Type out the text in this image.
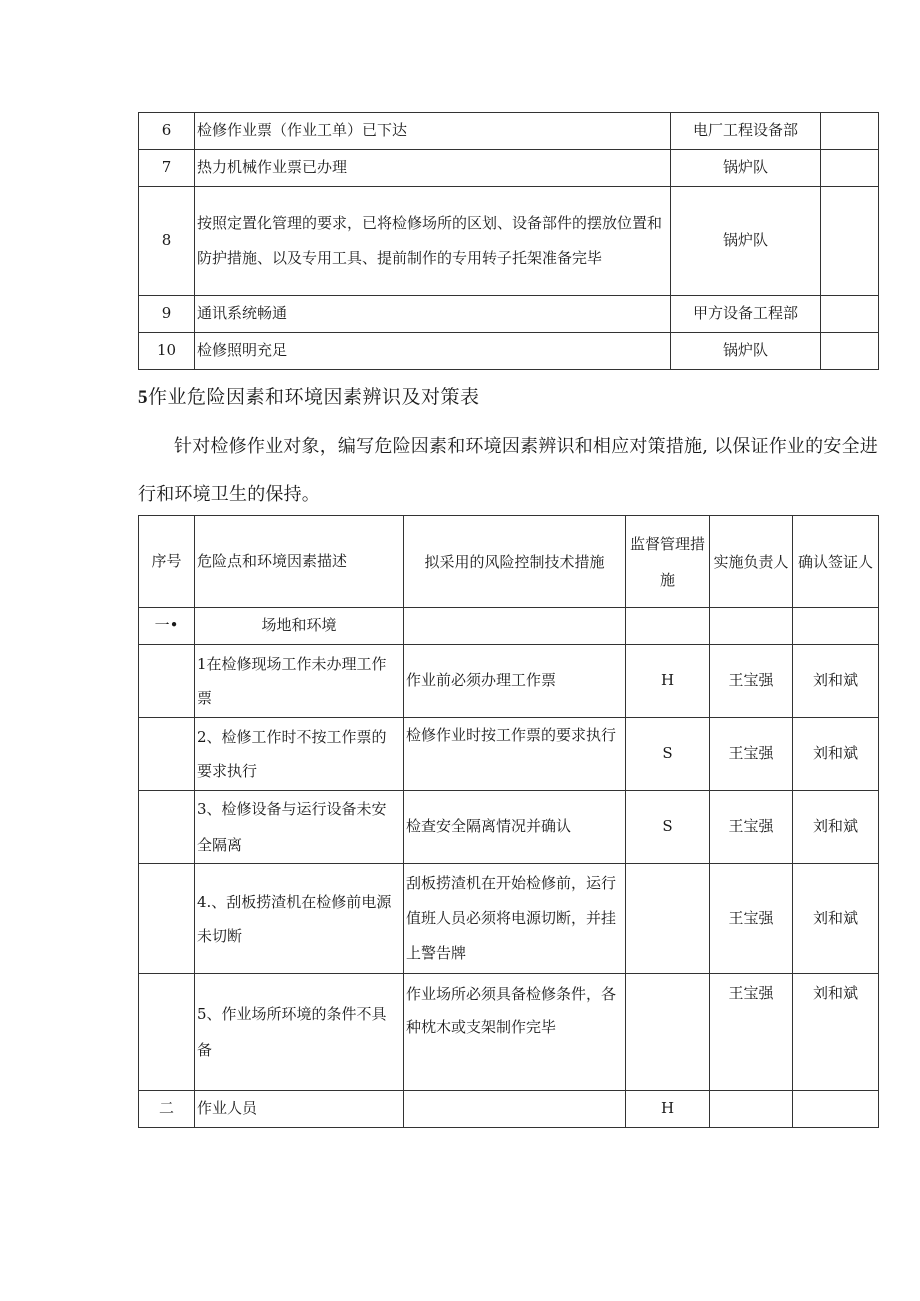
6	检修作业票（作业工单）已下达	电厂工程设备部	
7	热力机械作业票已办理	锅炉队	
8	按照定置化管理的要求，已将检修场所的区划、设备部件的摆放位置和防护措施、以及专用工具、提前制作的专用转子托架准备完毕	锅炉队	
9	通讯系统畅通	甲方设备工程部	
10	检修照明充足	锅炉队	
5作业危险因素和环境因素辨识及对策表
针对检修作业对象，编写危险因素和环境因素辨识和相应对策措施, 以保证作业的安全进行和环境卫生的保持。
序号	危险点和环境因素描述	拟采用的风险控制技术措施	监督管理措施	实施负责人	确认签证人
一•	场地和环境				
	1在检修现场工作未办理工作票	作业前必须办理工作票	H	王宝强	刘和斌
	2、检修工作时不按工作票的要求执行	检修作业时按工作票的要求执行	S	王宝强	刘和斌
	3、检修设备与运行设备未安全隔离	检查安全隔离情况并确认	S	王宝强	刘和斌
	4.、刮板捞渣机在检修前电源未切断	刮板捞渣机在开始检修前，运行值班人员必须将电源切断，并挂上警告牌		王宝强	刘和斌
	5、作业场所环境的条件不具备	作业场所必须具备检修条件，各种枕木或支架制作完毕		王宝强	刘和斌
二	作业人员		H		
